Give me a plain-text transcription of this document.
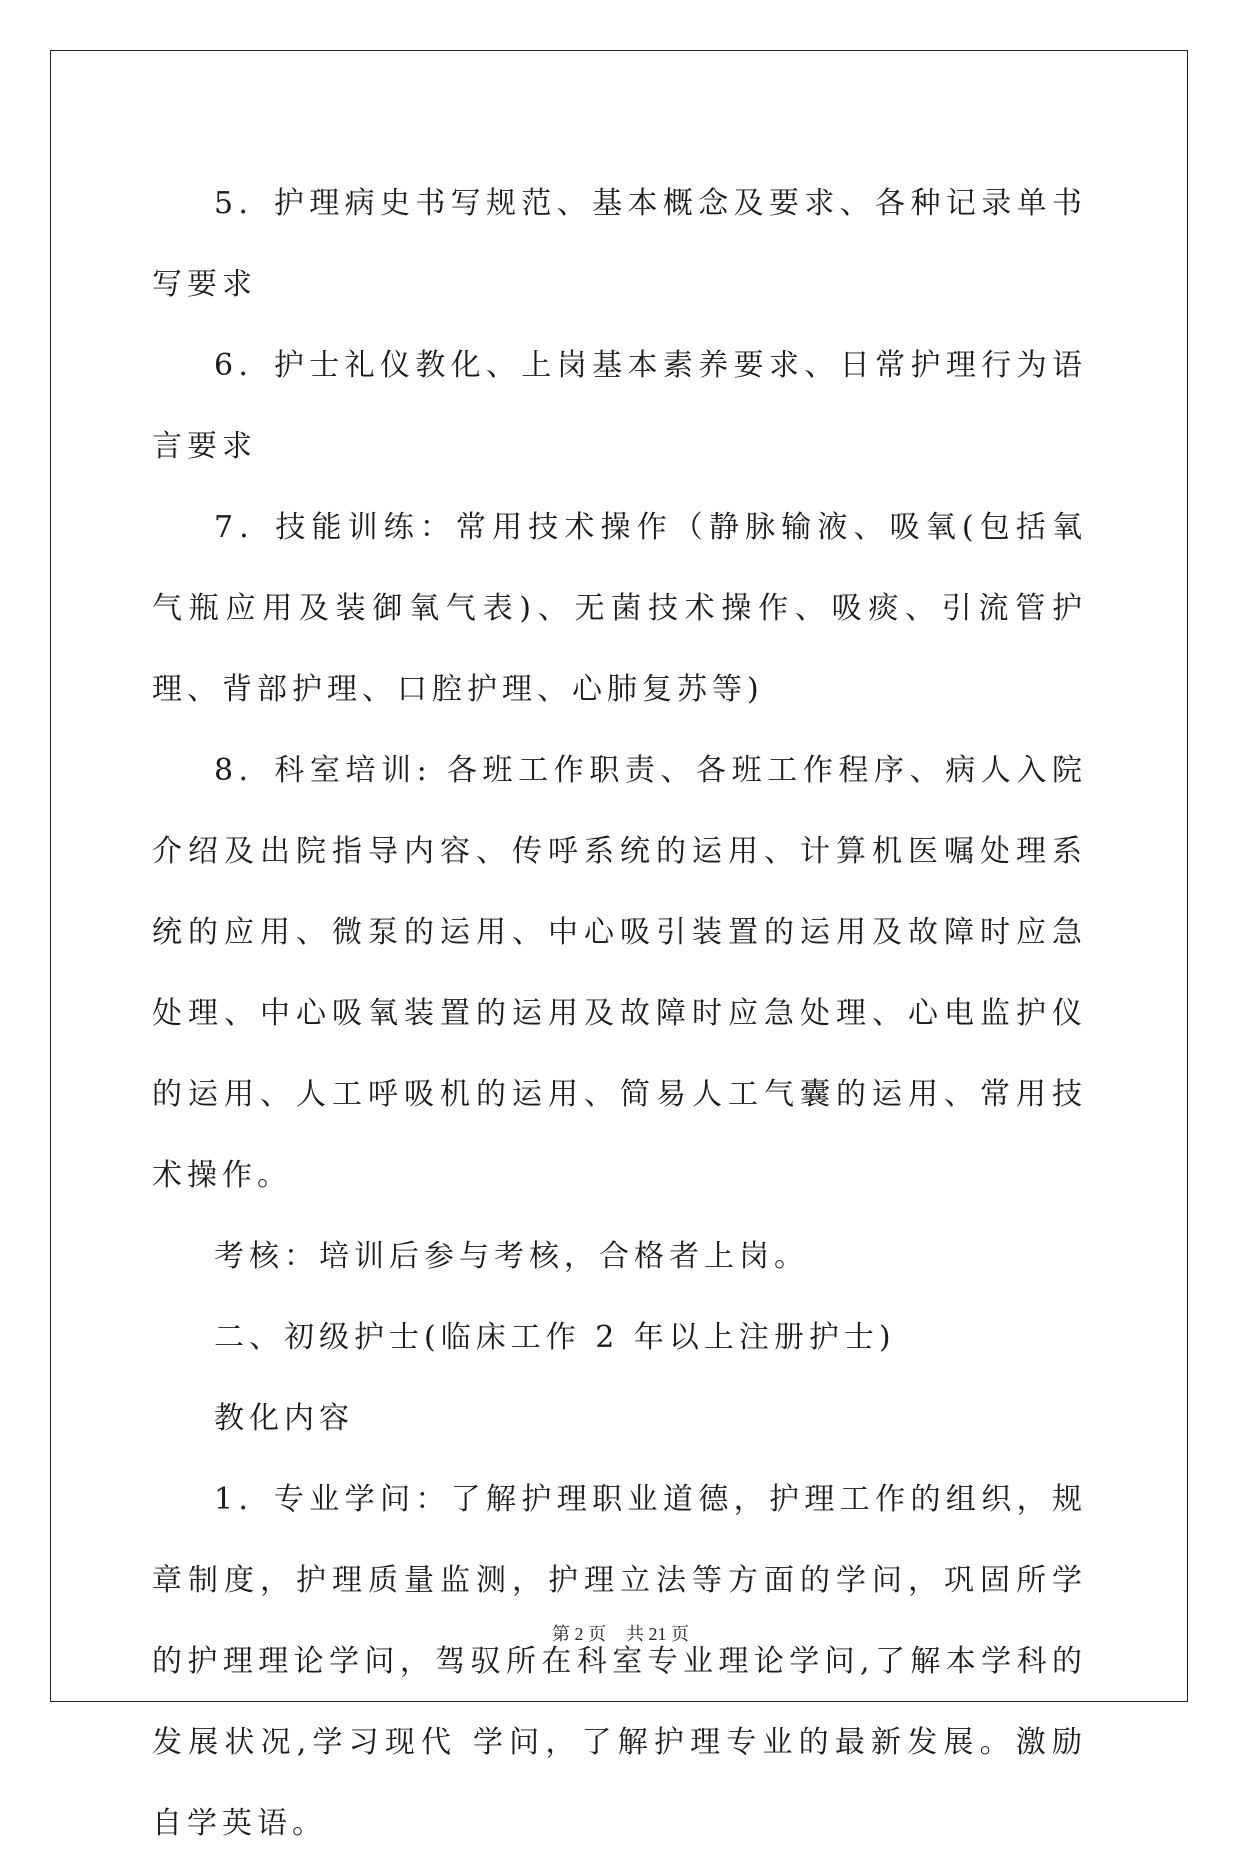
5．护理病史书写规范、基本概念及要求、各种记录单书写要求

6．护士礼仪教化、上岗基本素养要求、日常护理行为语言要求

7．技能训练：常用技术操作（静脉输液、吸氧(包括氧气瓶应用及装御氧气表)、无菌技术操作、吸痰、引流管护理、背部护理、口腔护理、心肺复苏等)

8．科室培训: 各班工作职责、各班工作程序、病人入院介绍及出院指导内容、传呼系统的运用、计算机医嘱处理系统的应用、微泵的运用、中心吸引装置的运用及故障时应急处理、中心吸氧装置的运用及故障时应急处理、心电监护仪的运用、人工呼吸机的运用、简易人工气囊的运用、常用技术操作。

考核：培训后参与考核，合格者上岗。

二、初级护士(临床工作 2 年以上注册护士)

教化内容

1．专业学问：了解护理职业道德，护理工作的组织，规章制度，护理质量监测，护理立法等方面的学问，巩固所学的护理理论学问，驾驭所在科室专业理论学问,了解本学科的发展状况,学习现代 学问，了解护理专业的最新发展。激励自学英语。

第 2 页 共 21 页
